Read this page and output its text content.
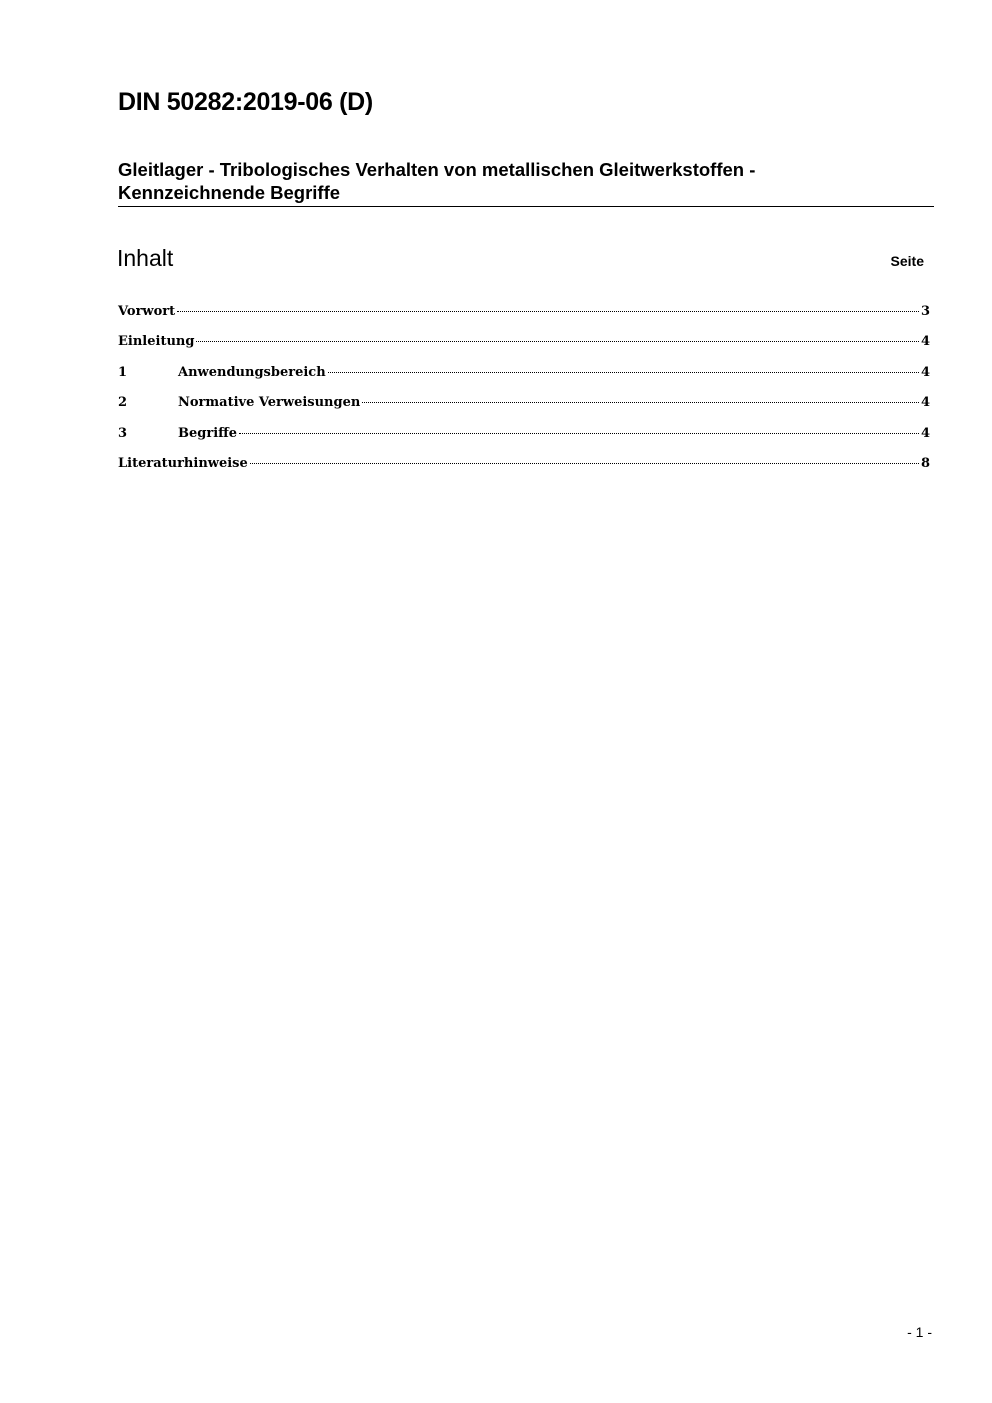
DIN 50282:2019-06 (D)
Gleitlager - Tribologisches Verhalten von metallischen Gleitwerkstoffen -
Kennzeichnende Begriffe
Inhalt	Seite
Vorwort	3
Einleitung	4
1	Anwendungsbereich	4
2	Normative Verweisungen	4
3	Begriffe	4
Literaturhinweise	8
- 1 -
